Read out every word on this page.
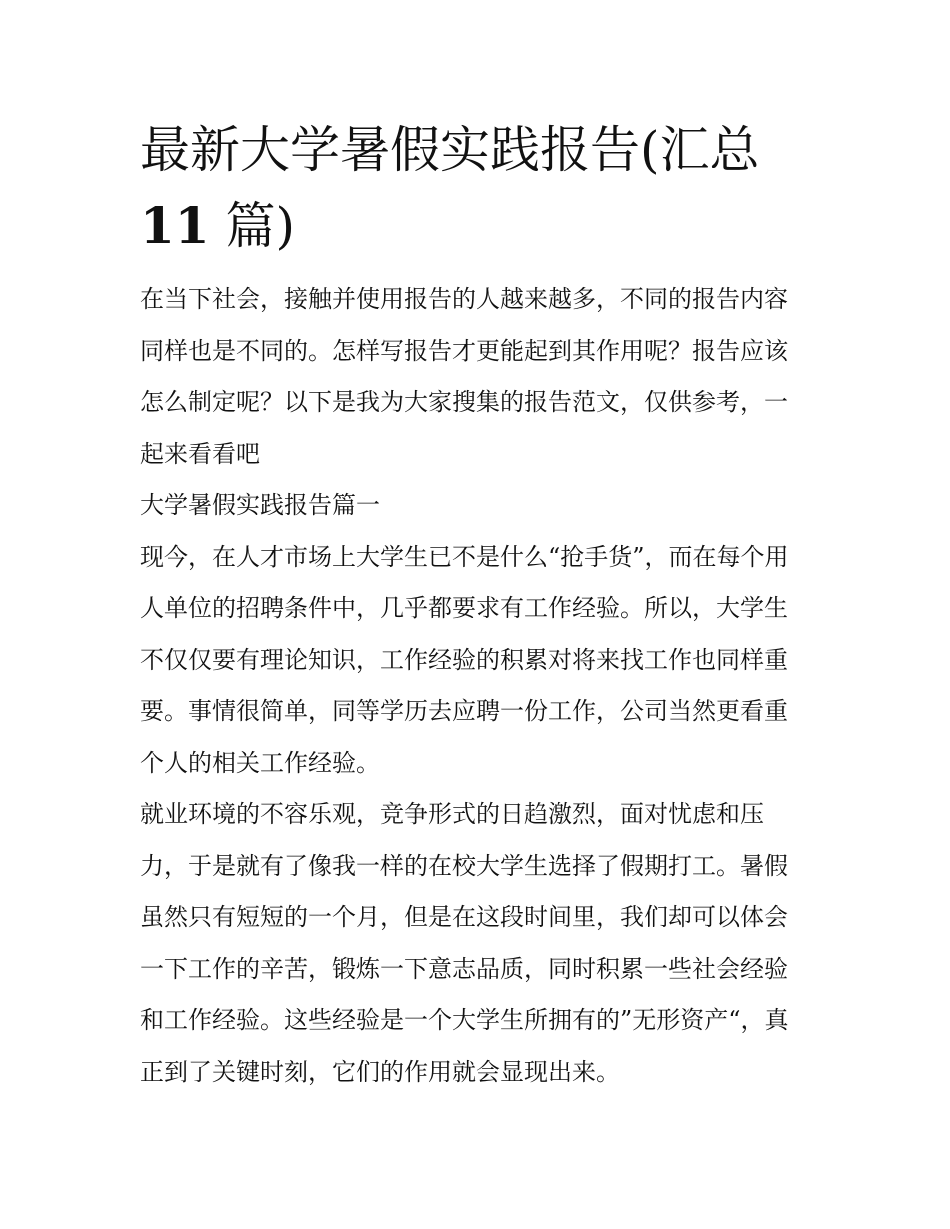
最新大学暑假实践报告(汇总
11 篇)

在当下社会，接触并使用报告的人越来越多，不同的报告内容

同样也是不同的。怎样写报告才更能起到其作用呢？报告应该

怎么制定呢？以下是我为大家搜集的报告范文，仅供参考，一

起来看看吧

大学暑假实践报告篇一

现今，在人才市场上大学生已不是什么“抢手货”，而在每个用

人单位的招聘条件中，几乎都要求有工作经验。所以，大学生

不仅仅要有理论知识，工作经验的积累对将来找工作也同样重

要。事情很简单，同等学历去应聘一份工作，公司当然更看重

个人的相关工作经验。

就业环境的不容乐观，竞争形式的日趋激烈，面对忧虑和压

力，于是就有了像我一样的在校大学生选择了假期打工。暑假

虽然只有短短的一个月，但是在这段时间里，我们却可以体会

一下工作的辛苦，锻炼一下意志品质，同时积累一些社会经验

和工作经验。这些经验是一个大学生所拥有的”无形资产“，真

正到了关键时刻，它们的作用就会显现出来。
